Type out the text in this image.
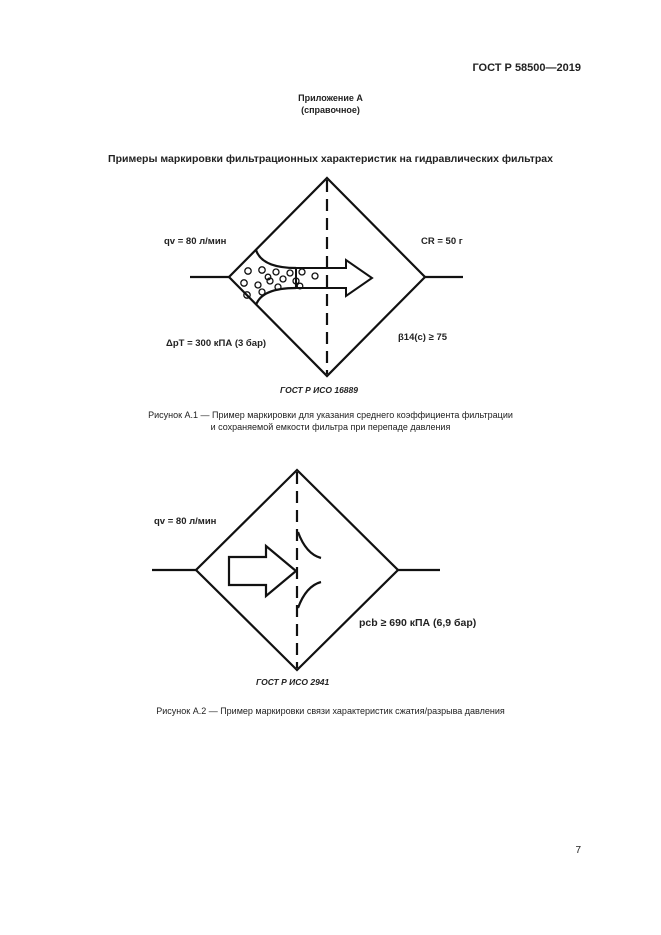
ГОСТ Р 58500—2019
Приложение А
(справочное)
Примеры маркировки фильтрационных характеристик на гидравлических фильтрах
qv = 80 л/мин	CR = 50 г
ΔpT = 300 кПА (3 бар)
β14(c) ≥ 75
ГОСТ Р ИСО 16889
Рисунок А.1 — Пример маркировки для указания среднего коэффициента фильтрации
и сохраняемой емкости фильтра при перепаде давления
qv = 80 л/мин
pcb ≥ 690 кПА (6,9 бар)
ГОСТ Р ИСО 2941
Рисунок А.2 — Пример маркировки связи характеристик сжатия/разрыва давления
7
